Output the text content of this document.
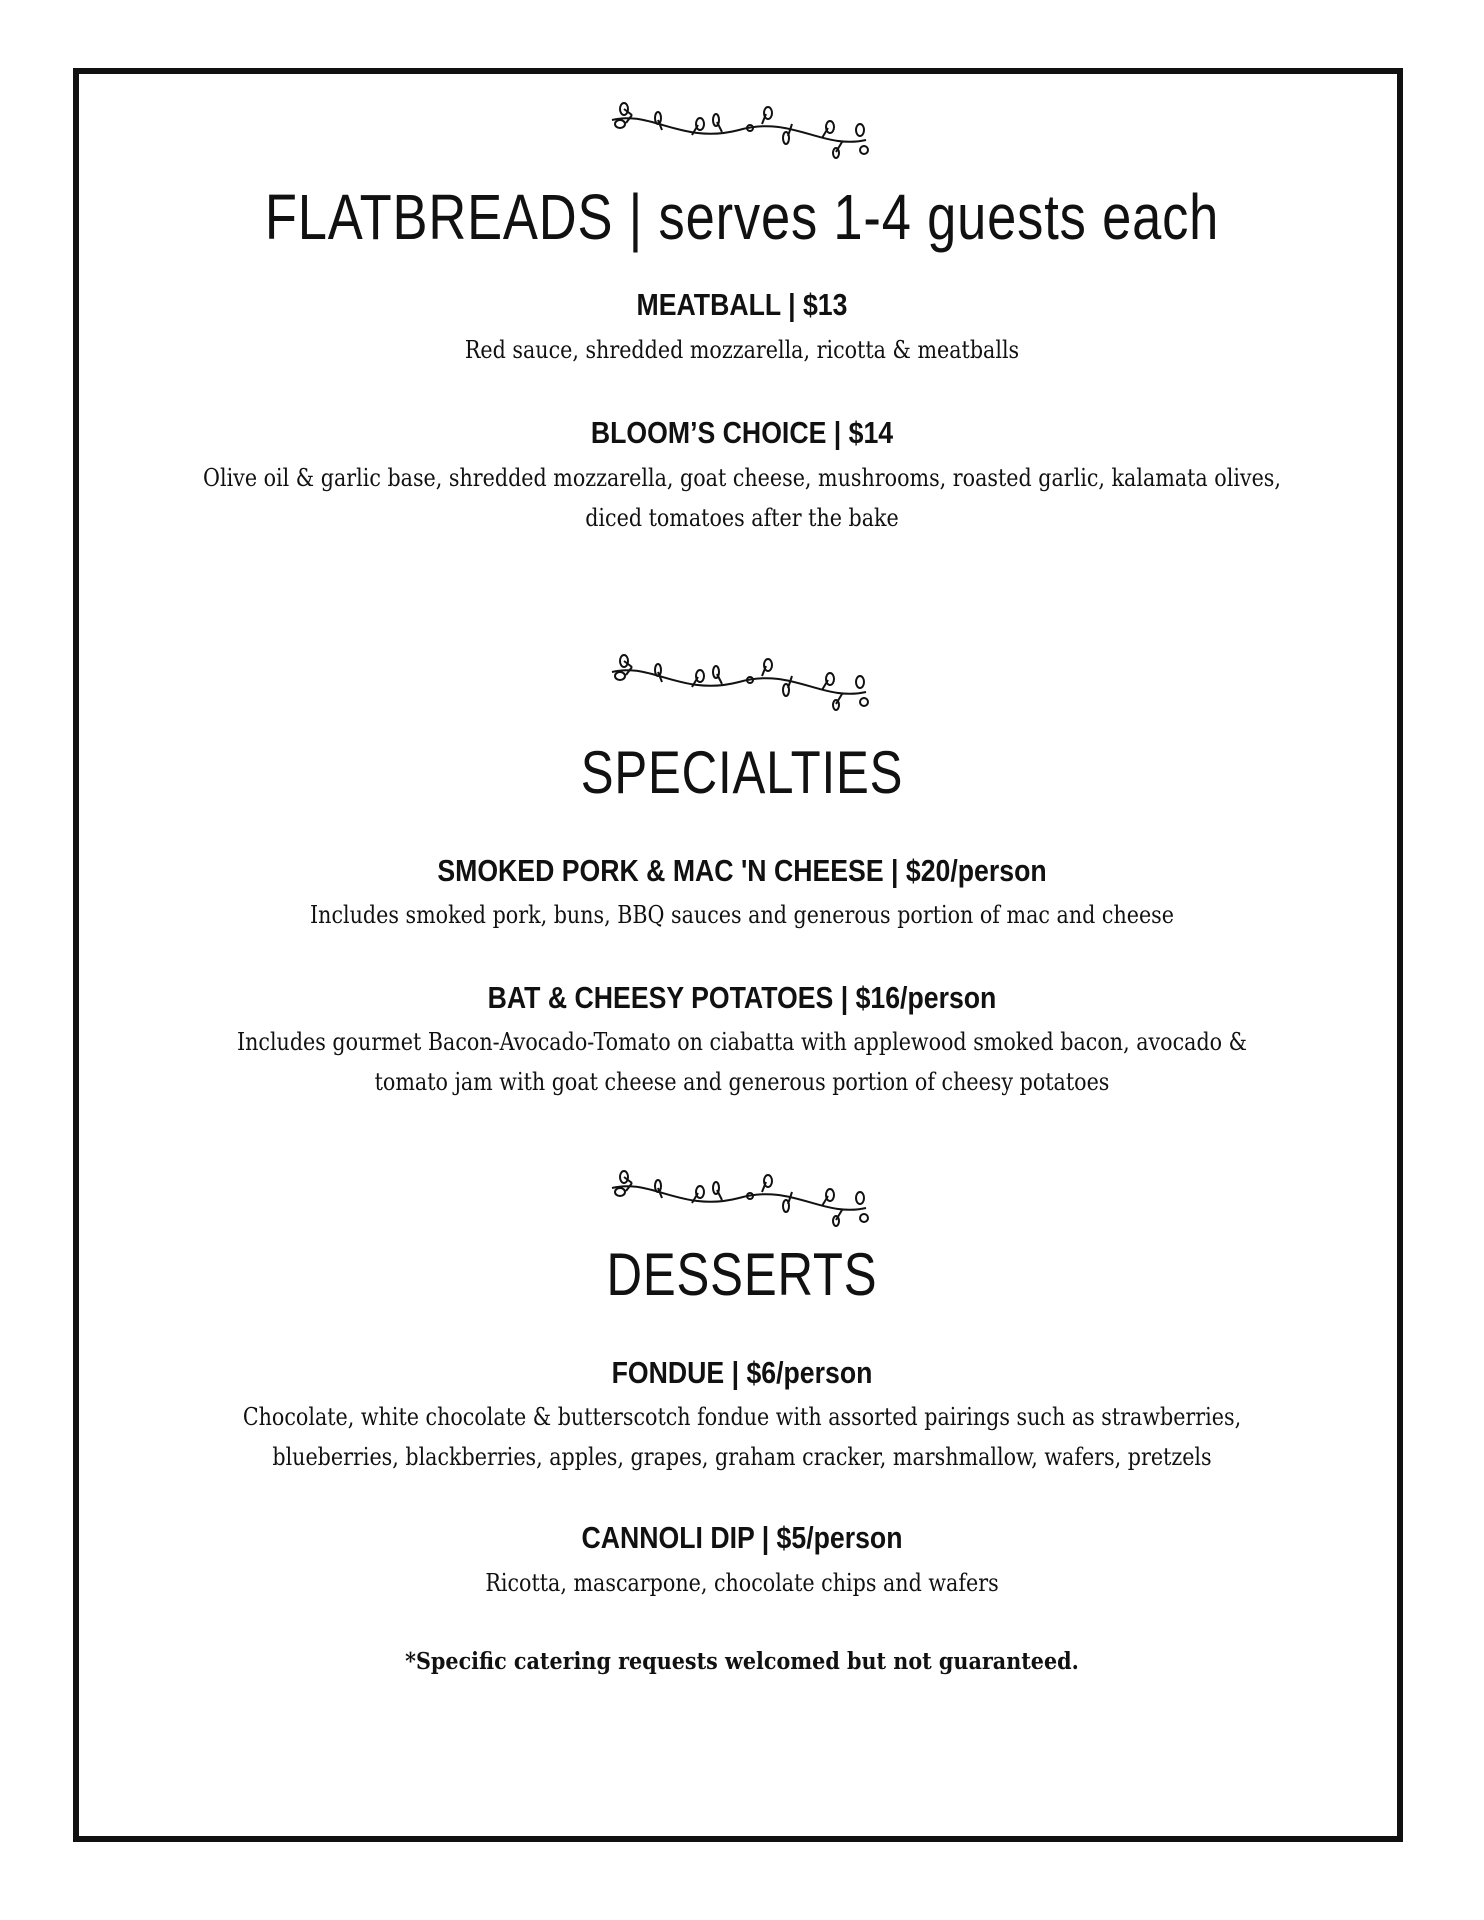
FLATBREADS | serves 1-4 guests each

MEATBALL | $13

Red sauce, shredded mozzarella, ricotta & meatballs

BLOOM’S CHOICE | $14

Olive oil & garlic base, shredded mozzarella, goat cheese, mushrooms, roasted garlic, kalamata olives,

diced tomatoes after the bake

SPECIALTIES

SMOKED PORK & MAC 'N CHEESE | $20/person

Includes smoked pork, buns, BBQ sauces and generous portion of mac and cheese

BAT & CHEESY POTATOES | $16/person

Includes gourmet Bacon-Avocado-Tomato on ciabatta with applewood smoked bacon, avocado &

tomato jam with goat cheese and generous portion of cheesy potatoes

DESSERTS

FONDUE | $6/person

Chocolate, white chocolate & butterscotch fondue with assorted pairings such as strawberries,

blueberries, blackberries, apples, grapes, graham cracker, marshmallow, wafers, pretzels

CANNOLI DIP | $5/person

Ricotta, mascarpone, chocolate chips and wafers

*Specific catering requests welcomed but not guaranteed.
